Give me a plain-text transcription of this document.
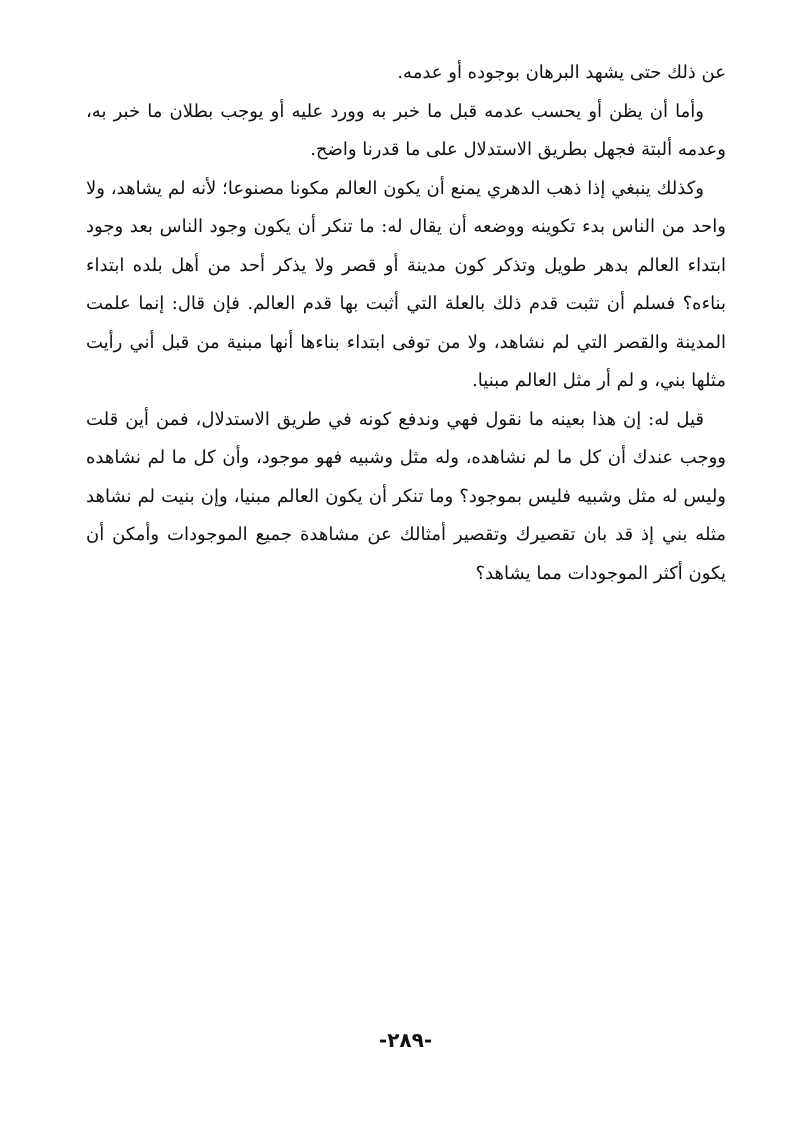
عن ذلك حتى يشهد البرهان بوجوده أو عدمه.

وأما أن يظن أو يحسب عدمه قبل ما خبر به وورد عليه أو يوجب بطلان ما خبر به، وعدمه ألبتة فجهل بطريق الاستدلال على ما قدرنا واضح.

وكذلك ينبغي إذا ذهب الدهري يمنع أن يكون العالم مكونا مصنوعا؛ لأنه لم يشاهد، ولا واحد من الناس بدء تكوينه ووضعه أن يقال له: ما تنكر أن يكون وجود الناس بعد وجود ابتداء العالم بدهر طويل وتذكر كون مدينة أو قصر ولا يذكر أحد من أهل بلده ابتداء بناءه؟ فسلم أن تثبت قدم ذلك بالعلة التي أثبت بها قدم العالم. فإن قال: إنما علمت المدينة والقصر التي لم نشاهد، ولا من توفى ابتداء بناءها أنها مبنية من قبل أني رأيت مثلها بني، و لم أر مثل العالم مبنيا.

قيل له: إن هذا بعينه ما نقول فهي وندفع كونه في طريق الاستدلال، فمن أين قلت ووجب عندك أن كل ما لم نشاهده، وله مثل وشبيه فهو موجود، وأن كل ما لم نشاهده وليس له مثل وشبيه فليس بموجود؟ وما تنكر أن يكون العالم مبنيا، وإن بنيت لم نشاهد مثله بني إذ قد بان تقصيرك وتقصير أمثالك عن مشاهدة جميع الموجودات وأمكن أن يكون أكثر الموجودات مما يشاهد؟

-٢٨٩-
